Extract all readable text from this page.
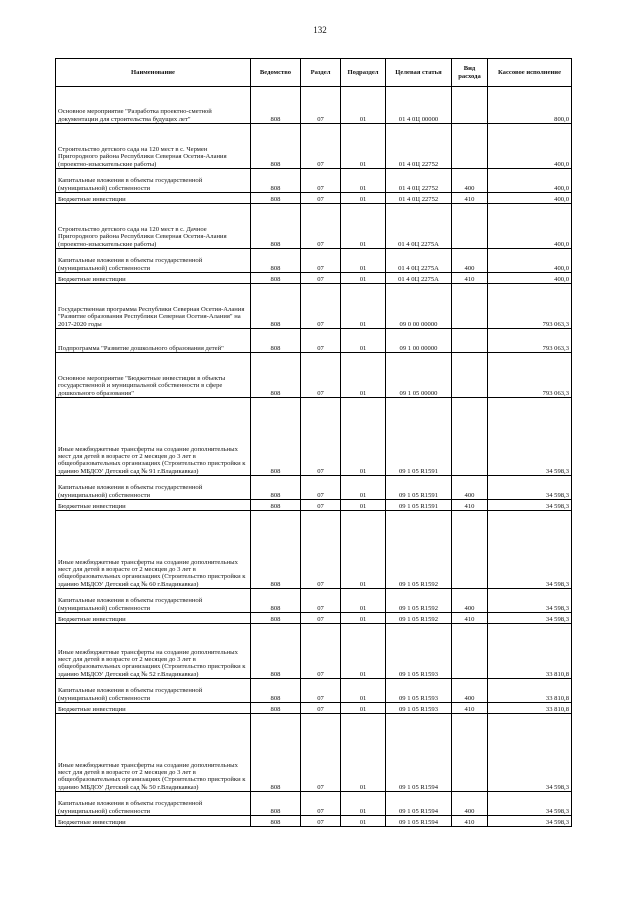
132
Наименование	Ведомство	Раздел	Подраздел	Целевая статья	Вид расхода	Кассовое исполнение
Основное мероприятие "Разработка проектно-сметной документации для строительства будущих лет"	808	07	01	01 4 0Ц 00000		800,0
Строительство детского сада на 120 мест в с. Чермен Пригородного района Республики Северная Осетия-Алания (проектно-изыскательские работы)	808	07	01	01 4 0Ц 22752		400,0
Капитальные вложения в объекты государственной (муниципальной) собственности	808	07	01	01 4 0Ц 22752	400	400,0
Бюджетные инвестиции	808	07	01	01 4 0Ц 22752	410	400,0
Строительство детского сада на 120 мест в с. Дачное Пригородного района Республики Северная Осетия-Алания (проектно-изыскательские работы)	808	07	01	01 4 0Ц 2275А		400,0
Капитальные вложения в объекты государственной (муниципальной) собственности	808	07	01	01 4 0Ц 2275А	400	400,0
Бюджетные инвестиции	808	07	01	01 4 0Ц 2275А	410	400,0
Государственная программа Республики Северная Осетия-Алания "Развитие образования Республики Северная Осетия-Алания" на 2017-2020 годы	808	07	01	09 0 00 00000		793 063,3
Подпрограмма "Развитие дошкольного образования детей"	808	07	01	09 1 00 00000		793 063,3
Основное мероприятие "Бюджетные инвестиции в объекты государственной и муниципальной собственности в сфере дошкольного образования"	808	07	01	09 1 05 00000		793 063,3
Иные межбюджетные трансферты на создание дополнительных мест для детей в возрасте от 2 месяцев до 3 лет в общеобразовательных организациях (Строительство пристройки к зданию МБДОУ Детский сад № 91 г.Владикавказ)	808	07	01	09 1 05 R1591		34 598,3
Капитальные вложения в объекты государственной (муниципальной) собственности	808	07	01	09 1 05 R1591	400	34 598,3
Бюджетные инвестиции	808	07	01	09 1 05 R1591	410	34 598,3
Иные межбюджетные трансферты на создание дополнительных мест для детей в возрасте от 2 месяцев до 3 лет в общеобразовательных организациях (Строительство пристройки к зданию МБДОУ Детский сад № 60 г.Владикавказ)	808	07	01	09 1 05 R1592		34 598,3
Капитальные вложения в объекты государственной (муниципальной) собственности	808	07	01	09 1 05 R1592	400	34 598,3
Бюджетные инвестиции	808	07	01	09 1 05 R1592	410	34 598,3
Иные межбюджетные трансферты на создание дополнительных мест для детей в возрасте от 2 месяцев до 3 лет в общеобразовательных организациях (Строительство пристройки к зданию МБДОУ Детский сад № 52 г.Владикавказ)	808	07	01	09 1 05 R1593		33 810,8
Капитальные вложения в объекты государственной (муниципальной) собственности	808	07	01	09 1 05 R1593	400	33 810,8
Бюджетные инвестиции	808	07	01	09 1 05 R1593	410	33 810,8
Иные межбюджетные трансферты на создание дополнительных мест для детей в возрасте от 2 месяцев до 3 лет в общеобразовательных организациях (Строительство пристройки к зданию МБДОУ Детский сад № 50 г.Владикавказ)	808	07	01	09 1 05 R1594		34 598,3
Капитальные вложения в объекты государственной (муниципальной) собственности	808	07	01	09 1 05 R1594	400	34 598,3
Бюджетные инвестиции	808	07	01	09 1 05 R1594	410	34 598,3
